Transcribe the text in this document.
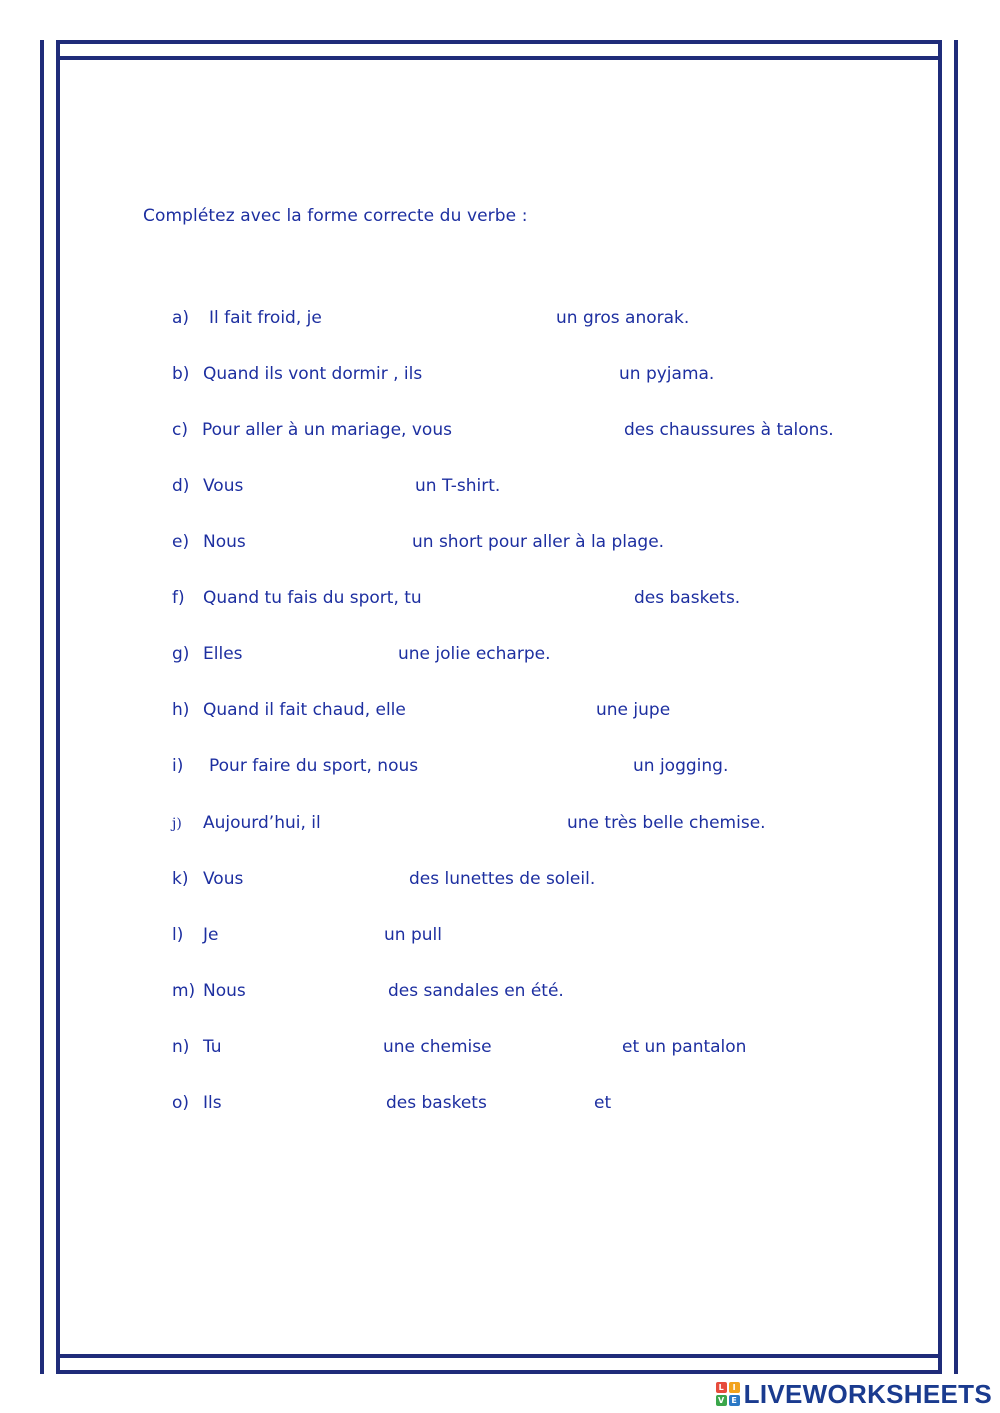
Complétez avec la forme correcte du verbe :
a) Il fait froid, je	un gros anorak.
b) Quand ils vont dormir , ils	un pyjama.
c) Pour aller à un mariage, vous	des chaussures à talons.
d) Vous	un T-shirt.
e) Nous	un short pour aller à la plage.
f) Quand tu fais du sport, tu	des baskets.
g) Elles	une jolie echarpe.
h) Quand il fait chaud, elle	une jupe
i) Pour faire du sport, nous	un jogging.
j) Aujourd’hui, il	une très belle chemise.
k) Vous	des lunettes de soleil.
l) Je	un pull
m) Nous	des sandales en été.
n) Tu	une chemise	et un pantalon
o) Ils	des baskets	et
L	I
V E LIVEWORKSHEETS
